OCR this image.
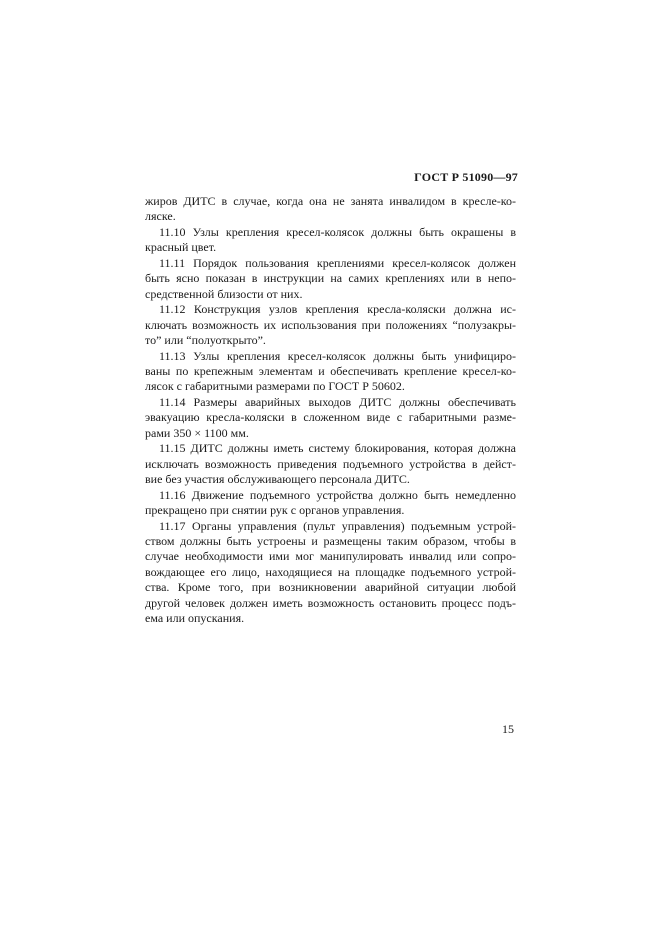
ГОСТ Р 51090—97
жиров ДИТС в случае, когда она не занята инвалидом в кресле-ко-
ляске.
11.10 Узлы крепления кресел-колясок должны быть окрашены в
красный цвет.
11.11 Порядок пользования креплениями кресел-колясок должен
быть ясно показан в инструкции на самих креплениях или в непо-
средственной близости от них.
11.12 Конструкция узлов крепления кресла-коляски должна ис-
ключать возможность их использования при положениях “полузакры-
то” или “полуоткрыто”.
11.13 Узлы крепления кресел-колясок должны быть унифициро-
ваны по крепежным элементам и обеспечивать крепление кресел-ко-
лясок с габаритными размерами по ГОСТ Р 50602.
11.14 Размеры аварийных выходов ДИТС должны обеспечивать
эвакуацию кресла-коляски в сложенном виде с габаритными разме-
рами 350 × 1100 мм.
11.15 ДИТС должны иметь систему блокирования, которая должна
исключать возможность приведения подъемного устройства в дейст-
вие без участия обслуживающего персонала ДИТС.
11.16 Движение подъемного устройства должно быть немедленно
прекращено при снятии рук с органов управления.
11.17 Органы управления (пульт управления) подъемным устрой-
ством должны быть устроены и размещены таким образом, чтобы в
случае необходимости ими мог манипулировать инвалид или сопро-
вождающее его лицо, находящиеся на площадке подъемного устрой-
ства. Кроме того, при возникновении аварийной ситуации любой
другой человек должен иметь возможность остановить процесс подъ-
ема или опускания.
15
